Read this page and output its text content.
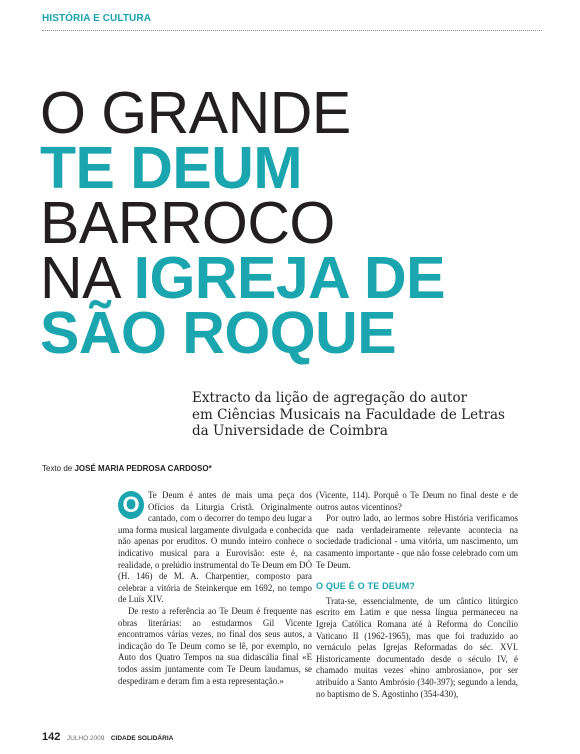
HISTÓRIA E CULTURA
O GRANDE
TE DEUM
BARROCO
NA IGREJA DE
SÃO ROQUE
Extracto da lição de agregação do autor
em Ciências Musicais na Faculdade de Letras
da Universidade de Coimbra
Texto de JOSÉ MARIA PEDROSA CARDOSO*

O Te Deum é antes de mais uma peça dos Ofícios da Liturgia Cristã. Originalmente cantado, com o decorrer do tempo deu lugar a uma forma musical largamente divulgada e conhecida não apenas por eruditos. O mundo inteiro conhece o indicativo musical para a Eurovisão: este é, na realidade, o prelúdio instrumental do Te Deum em DÓ (H. 146) de M. A. Charpentier, composto para celebrar a vitória de Steinkerque em 1692, no tempo de Luís XIV.

De resto a referência ao Te Deum é frequente nas obras literárias: ao estudarmos Gil Vicente encontramos várias vezes, no final dos seus autos, a indicação do Te Deum como se lê, por exemplo, no Auto dos Quatro Tempos na sua didascália final «E todos assim juntamente com Te Deum laudamus, se despediram e deram fim a esta representação.»

(Vicente, 114). Porquê o Te Deum no final deste e de outros autos vicentinos?

Por outro lado, ao lermos sobre História verificamos que nada verdadeiramente relevante acontecia na sociedade tradicional - uma vitória, um nascimento, um casamento importante - que não fosse celebrado com um Te Deum.

O QUE É O TE DEUM?

Trata-se, essencialmente, de um cântico litúrgico escrito em Latim e que nessa língua permaneceu na Igreja Católica Romana até à Reforma do Concílio Vaticano II (1962-1965), mas que foi traduzido ao vernáculo pelas Igrejas Reformadas do séc. XVI. Historicamente documentado desde o século IV, é chamado muitas vezes «hino ambrosiano», por ser atribuído a Santo Ambrósio (340-397); segundo a lenda, no baptismo de S. Agostinho (354-430),

142 JULHO 2009 CIDADE SOLIDÁRIA
